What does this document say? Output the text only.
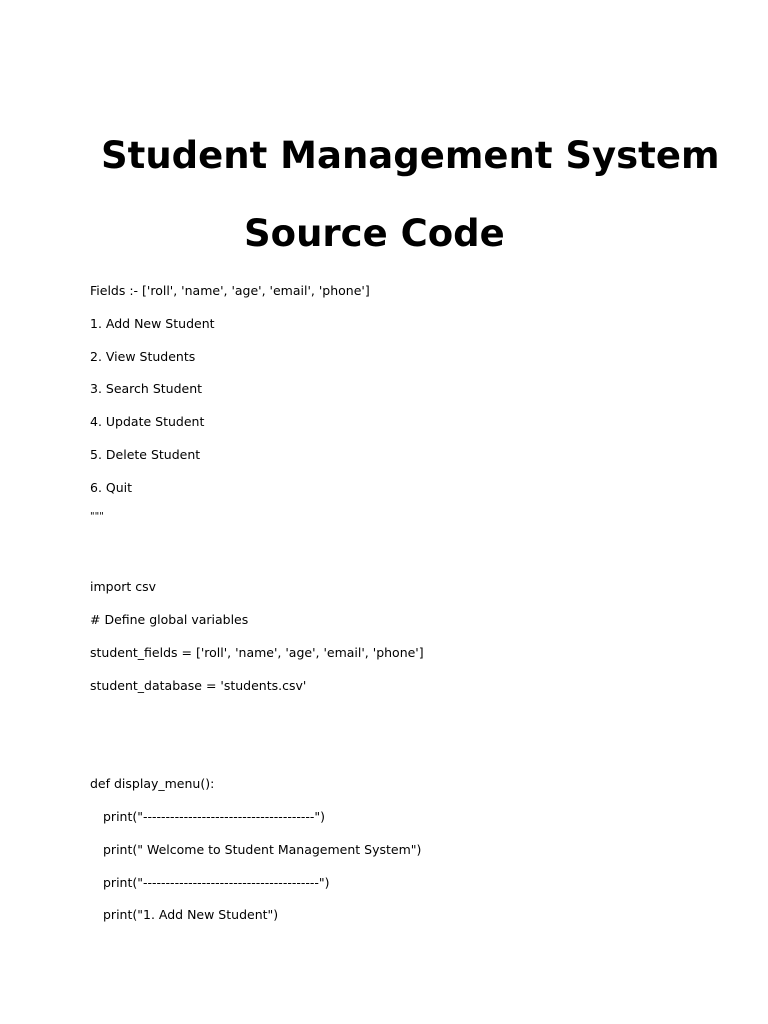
Student Management System
Source Code

Fields :- ['roll', 'name', 'age', 'email', 'phone']

1. Add New Student

2. View Students

3. Search Student

4. Update Student

5. Delete Student

6. Quit

"""

import csv

# Define global variables

student_fields = ['roll', 'name', 'age', 'email', 'phone']

student_database = 'students.csv'

def display_menu():

print("--------------------------------------")

print(" Welcome to Student Management System")

print("---------------------------------------")

print("1. Add New Student")
